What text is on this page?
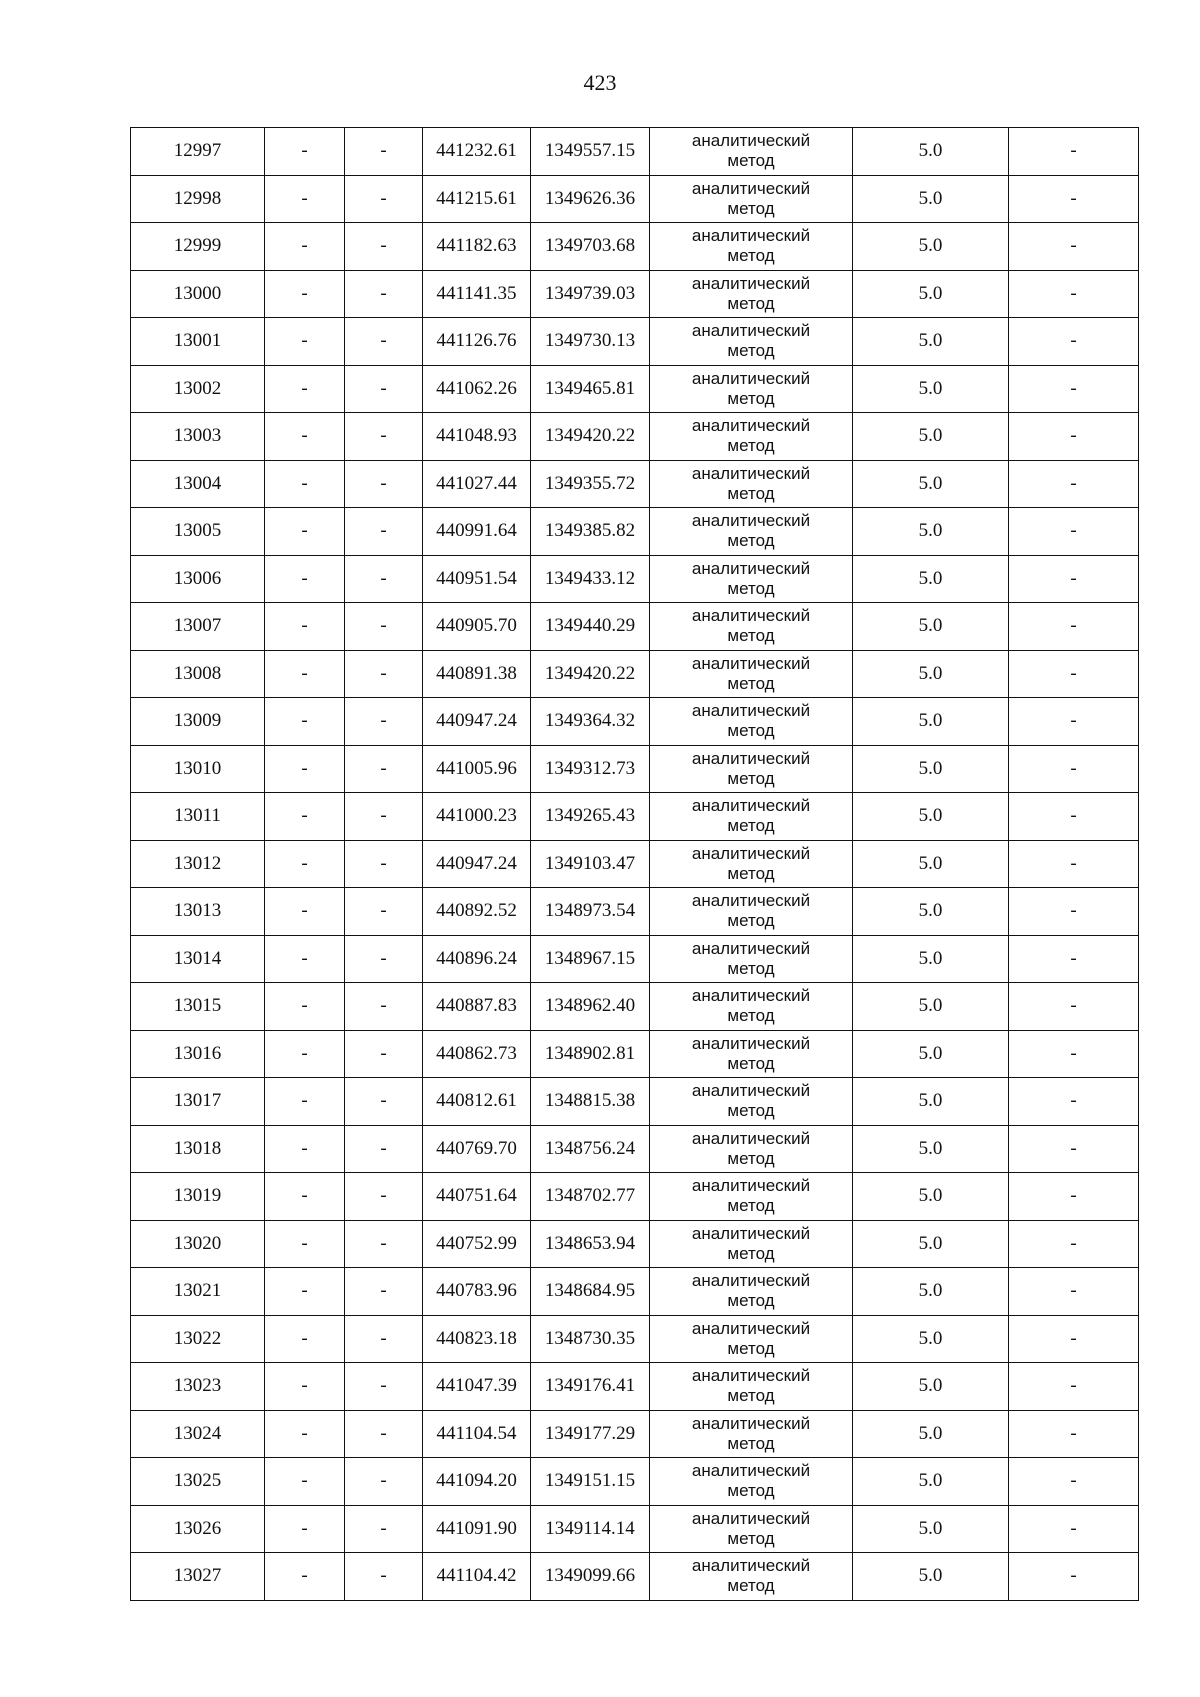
423
12997	-	-	441232.61	1349557.15	аналитический
метод	5.0	-
12998	-	-	441215.61	1349626.36	аналитический
метод	5.0	-
12999	-	-	441182.63	1349703.68	аналитический
метод	5.0	-
13000	-	-	441141.35	1349739.03	аналитический
метод	5.0	-
13001	-	-	441126.76	1349730.13	аналитический
метод	5.0	-
13002	-	-	441062.26	1349465.81	аналитический
метод	5.0	-
13003	-	-	441048.93	1349420.22	аналитический
метод	5.0	-
13004	-	-	441027.44	1349355.72	аналитический
метод	5.0	-
13005	-	-	440991.64	1349385.82	аналитический
метод	5.0	-
13006	-	-	440951.54	1349433.12	аналитический
метод	5.0	-
13007	-	-	440905.70	1349440.29	аналитический
метод	5.0	-
13008	-	-	440891.38	1349420.22	аналитический
метод	5.0	-
13009	-	-	440947.24	1349364.32	аналитический
метод	5.0	-
13010	-	-	441005.96	1349312.73	аналитический
метод	5.0	-
13011	-	-	441000.23	1349265.43	аналитический
метод	5.0	-
13012	-	-	440947.24	1349103.47	аналитический
метод	5.0	-
13013	-	-	440892.52	1348973.54	аналитический
метод	5.0	-
13014	-	-	440896.24	1348967.15	аналитический
метод	5.0	-
13015	-	-	440887.83	1348962.40	аналитический
метод	5.0	-
13016	-	-	440862.73	1348902.81	аналитический
метод	5.0	-
13017	-	-	440812.61	1348815.38	аналитический
метод	5.0	-
13018	-	-	440769.70	1348756.24	аналитический
метод	5.0	-
13019	-	-	440751.64	1348702.77	аналитический
метод	5.0	-
13020	-	-	440752.99	1348653.94	аналитический
метод	5.0	-
13021	-	-	440783.96	1348684.95	аналитический
метод	5.0	-
13022	-	-	440823.18	1348730.35	аналитический
метод	5.0	-
13023	-	-	441047.39	1349176.41	аналитический
метод	5.0	-
13024	-	-	441104.54	1349177.29	аналитический
метод	5.0	-
13025	-	-	441094.20	1349151.15	аналитический
метод	5.0	-
13026	-	-	441091.90	1349114.14	аналитический
метод	5.0	-
13027	-	-	441104.42	1349099.66	аналитический
метод	5.0	-
